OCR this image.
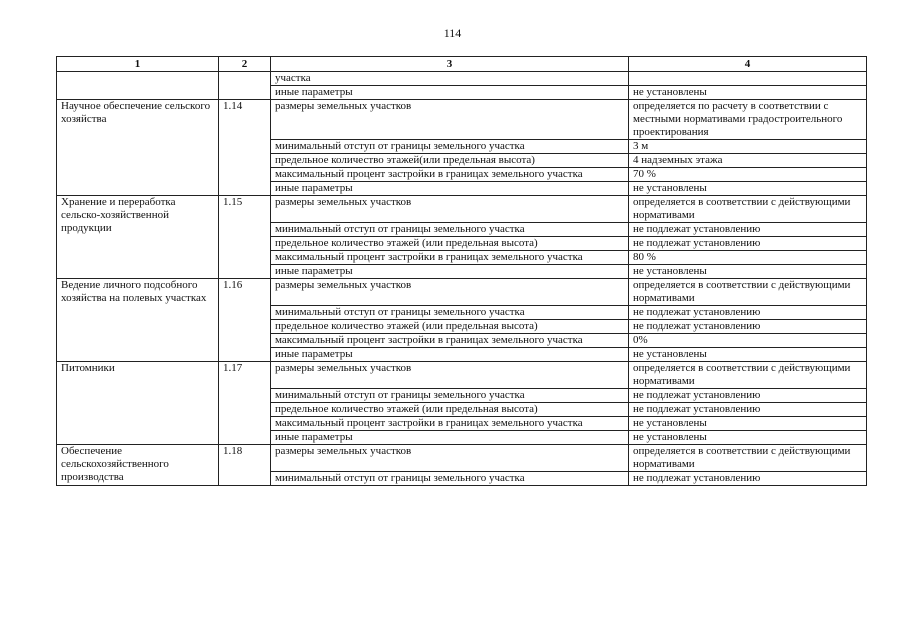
114
1	2	3	4
		участка	
		иные параметры	не установлены
Научное обеспечение сельского хозяйства	1.14	размеры земельных участков	определяется по расчету в соответствии с местными нормативами градостроительного проектирования
		минимальный отступ от границы земельного участка	3 м
		предельное количество этажей(или предельная высота)	4 надземных этажа
		максимальный процент застройки в границах земельного участка	70 %
		иные параметры	не установлены
Хранение и переработка сельско-хозяйственной продукции	1.15	размеры земельных участков	определяется в соответствии с действующими нормативами
		минимальный отступ от границы земельного участка	не подлежат установлению
		предельное количество этажей (или предельная высота)	не подлежат установлению
		максимальный процент застройки в границах земельного участка	80 %
		иные параметры	не установлены
Ведение личного подсобного хозяйства на полевых участках	1.16	размеры земельных участков	определяется в соответствии с действующими нормативами
		минимальный отступ от границы земельного участка	не подлежат установлению
		предельное количество этажей (или предельная высота)	не подлежат установлению
		максимальный процент застройки в границах земельного участка	0%
		иные параметры	не установлены
Питомники	1.17	размеры земельных участков	определяется в соответствии с действующими нормативами
		минимальный отступ от границы земельного участка	не подлежат установлению
		предельное количество этажей (или предельная высота)	не подлежат установлению
		максимальный процент застройки в границах земельного участка	не установлены
		иные параметры	не установлены
Обеспечение сельскохозяйственного производства	1.18	размеры земельных участков	определяется в соответствии с действующими нормативами
		минимальный отступ от границы земельного участка	не подлежат установлению
